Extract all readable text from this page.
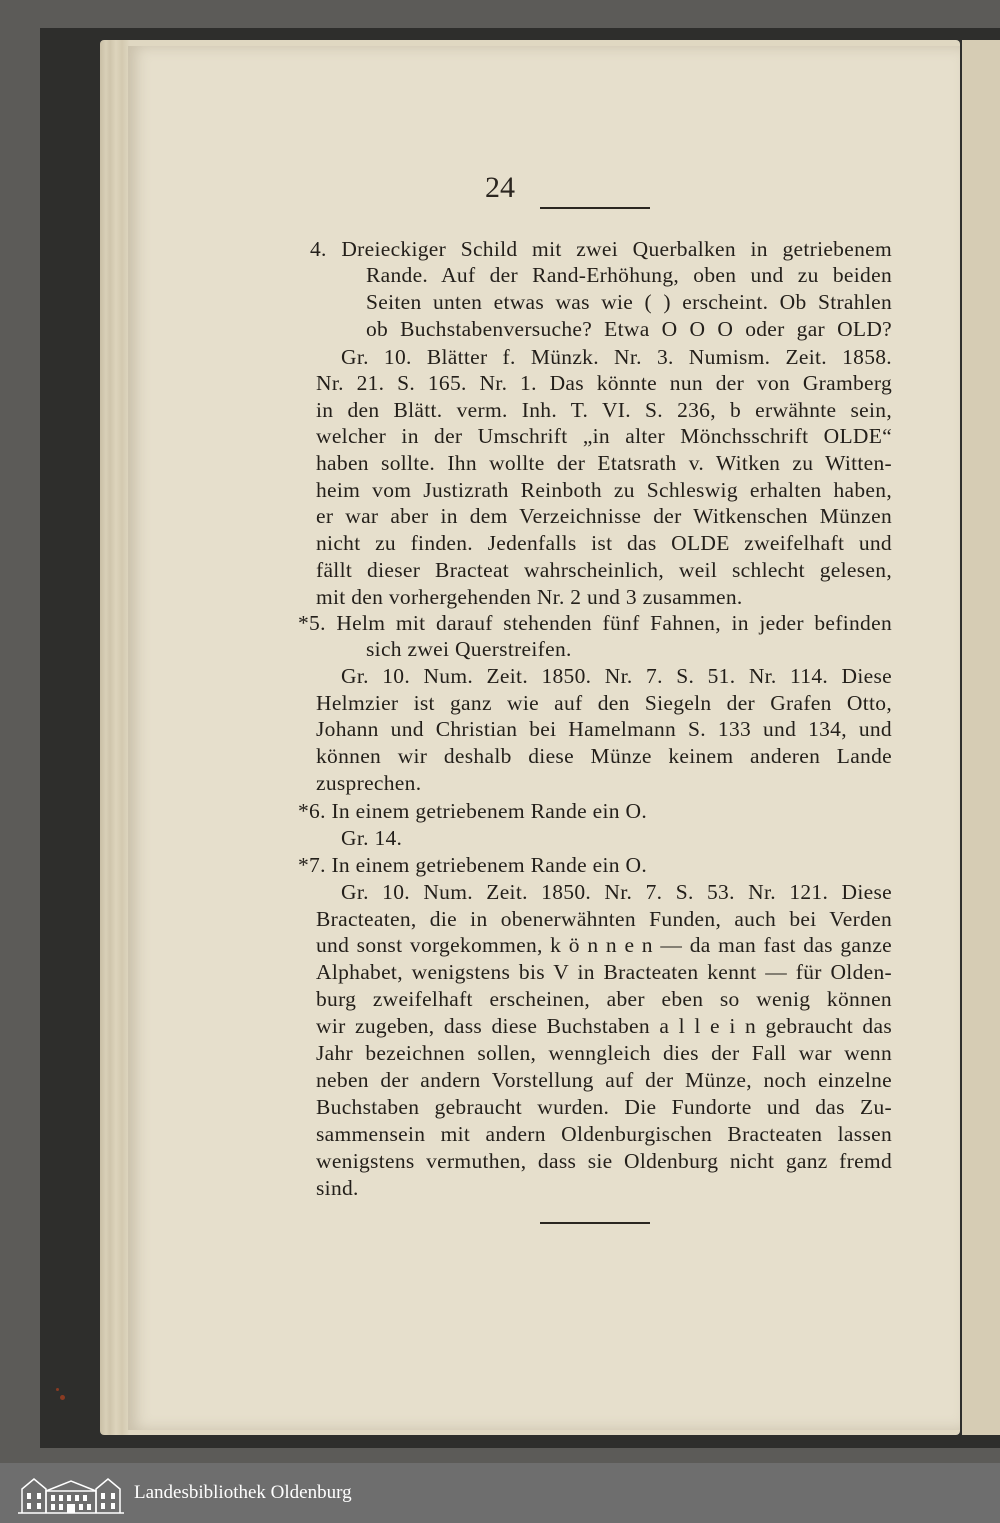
24
4. Dreieckiger Schild mit zwei Querbalken in getriebenem
Rande. Auf der Rand-Erhöhung, oben und zu beiden
Seiten unten etwas was wie ( ) erscheint. Ob Strahlen
ob Buchstabenversuche? Etwa O O O oder gar OLD?
Gr. 10. Blätter f. Münzk. Nr. 3. Numism. Zeit. 1858.
Nr. 21. S. 165. Nr. 1. Das könnte nun der von Gramberg
in den Blätt. verm. Inh. T. VI. S. 236, b erwähnte sein,
welcher in der Umschrift „in alter Mönchsschrift OLDE“
haben sollte. Ihn wollte der Etatsrath v. Witken zu Witten-
heim vom Justizrath Reinboth zu Schleswig erhalten haben,
er war aber in dem Verzeichnisse der Witkenschen Münzen
nicht zu finden. Jedenfalls ist das OLDE zweifelhaft und
fällt dieser Bracteat wahrscheinlich, weil schlecht gelesen,
mit den vorhergehenden Nr. 2 und 3 zusammen.
*5. Helm mit darauf stehenden fünf Fahnen, in jeder befinden
sich zwei Querstreifen.
Gr. 10. Num. Zeit. 1850. Nr. 7. S. 51. Nr. 114. Diese
Helmzier ist ganz wie auf den Siegeln der Grafen Otto,
Johann und Christian bei Hamelmann S. 133 und 134, und
können wir deshalb diese Münze keinem anderen Lande
zusprechen.
*6. In einem getriebenem Rande ein O.
Gr. 14.
*7. In einem getriebenem Rande ein O.
Gr. 10. Num. Zeit. 1850. Nr. 7. S. 53. Nr. 121. Diese
Bracteaten, die in obenerwähnten Funden, auch bei Verden
und sonst vorgekommen, k ö n n e n — da man fast das ganze
Alphabet, wenigstens bis V in Bracteaten kennt — für Olden-
burg zweifelhaft erscheinen, aber eben so wenig können
wir zugeben, dass diese Buchstaben a l l e i n gebraucht das
Jahr bezeichnen sollen, wenngleich dies der Fall war wenn
neben der andern Vorstellung auf der Münze, noch einzelne
Buchstaben gebraucht wurden. Die Fundorte und das Zu-
sammensein mit andern Oldenburgischen Bracteaten lassen
wenigstens vermuthen, dass sie Oldenburg nicht ganz fremd
sind.
Landesbibliothek Oldenburg
